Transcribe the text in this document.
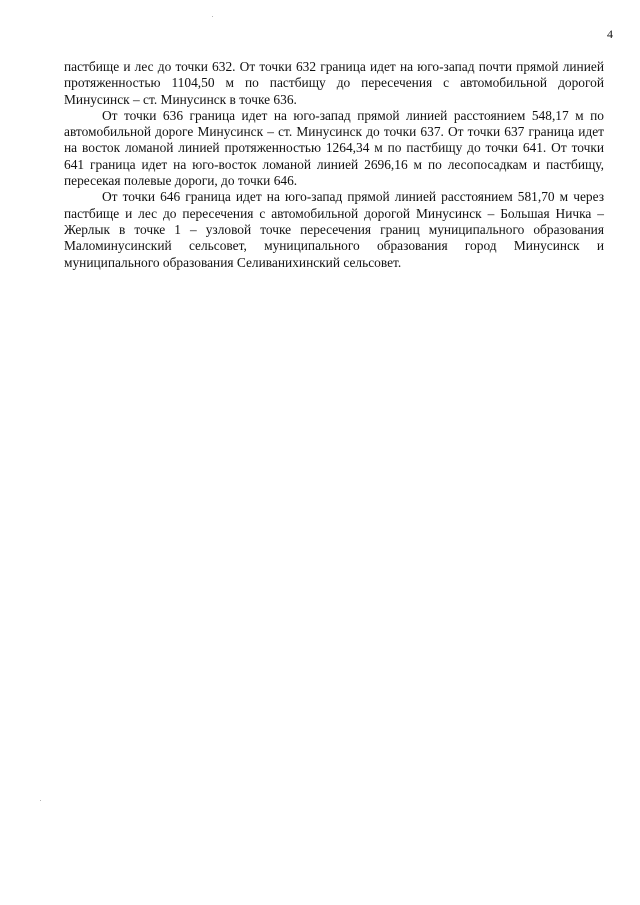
4

пастбище и лес до точки 632. От точки 632 граница идет на юго-запад почти прямой линией протяженностью 1104,50 м по пастбищу до пересечения с автомобильной дорогой Минусинск – ст. Минусинск в точке 636.

От точки 636 граница идет на юго-запад прямой линией расстоянием 548,17 м по автомобильной дороге Минусинск – ст. Минусинск до точки 637. От точки 637 граница идет на восток ломаной линией протяженностью 1264,34 м по пастбищу до точки 641. От точки 641 граница идет на юго-восток ломаной линией 2696,16 м по лесопосадкам и пастбищу, пересекая полевые дороги, до точки 646.

От точки 646 граница идет на юго-запад прямой линией расстоянием 581,70 м через пастбище и лес до пересечения с автомобильной дорогой Минусинск – Большая Ничка – Жерлык в точке 1 – узловой точке пересечения границ муниципального образования Маломинусинский сельсовет, муниципального образования город Минусинск и муниципального образования Селиванихинский сельсовет.
